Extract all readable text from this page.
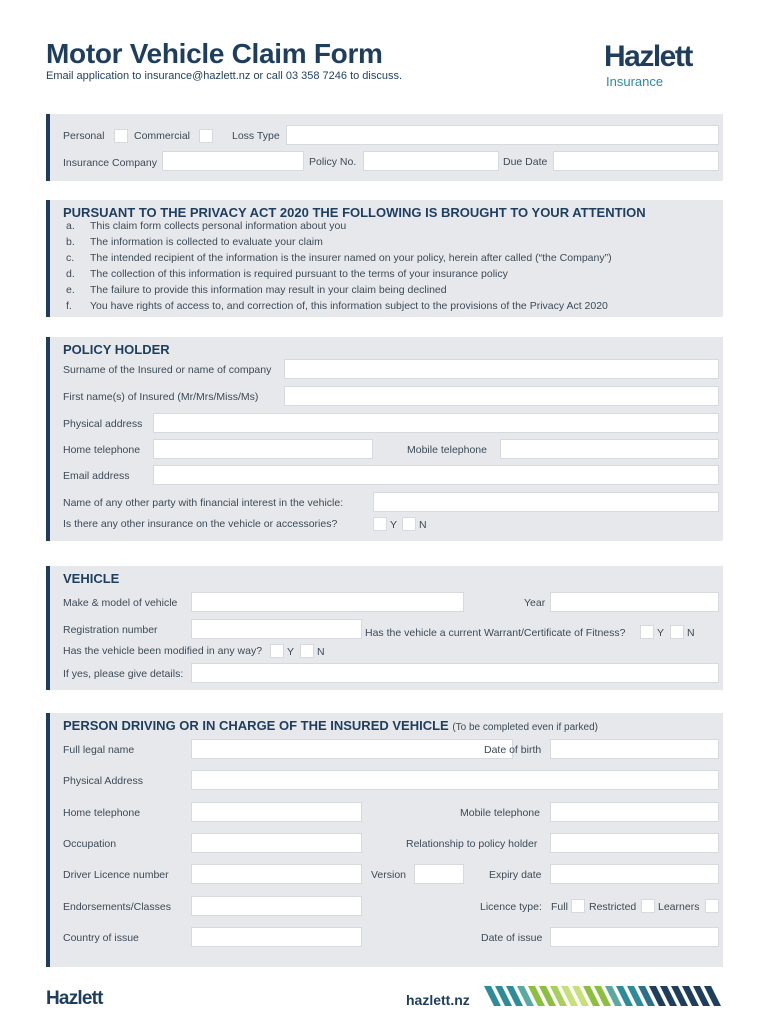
Motor Vehicle Claim Form
Email application to insurance@hazlett.nz or call 03 358 7246 to discuss.
Hazlett
Insurance
Personal	Commercial	Loss Type
Insurance Company	Policy No.	Due Date
PURSUANT TO THE PRIVACY ACT 2020 THE FOLLOWING IS BROUGHT TO YOUR ATTENTION
a. This claim form collects personal information about you
b. The information is collected to evaluate your claim
c. The intended recipient of the information is the insurer named on your policy, herein after called (“the Company”)
d. The collection of this information is required pursuant to the terms of your insurance policy
e. The failure to provide this information may result in your claim being declined
f. You have rights of access to, and correction of, this information subject to the provisions of the Privacy Act 2020
POLICY HOLDER
Surname of the Insured or name of company
First name(s) of Insured (Mr/Mrs/Miss/Ms)
Physical address
Home telephone	Mobile telephone
Email address
Name of any other party with financial interest in the vehicle:
Is there any other insurance on the vehicle or accessories?	Y N
VEHICLE
Make & model of vehicle	Year
Registration number	Has the vehicle a current Warrant/Certificate of Fitness?	Y N
Has the vehicle been modified in any way? Y N
If yes, please give details:
PERSON DRIVING OR IN CHARGE OF THE INSURED VEHICLE (To be completed even if parked)
Full legal name	Date of birth
Physical Address
Home telephone	Mobile telephone
Occupation	Relationship to policy holder
Driver Licence number	Version	Expiry date
Endorsements/Classes	Licence type: Full Restricted Learners
Country of issue	Date of issue
Hazlett	hazlett.nz
